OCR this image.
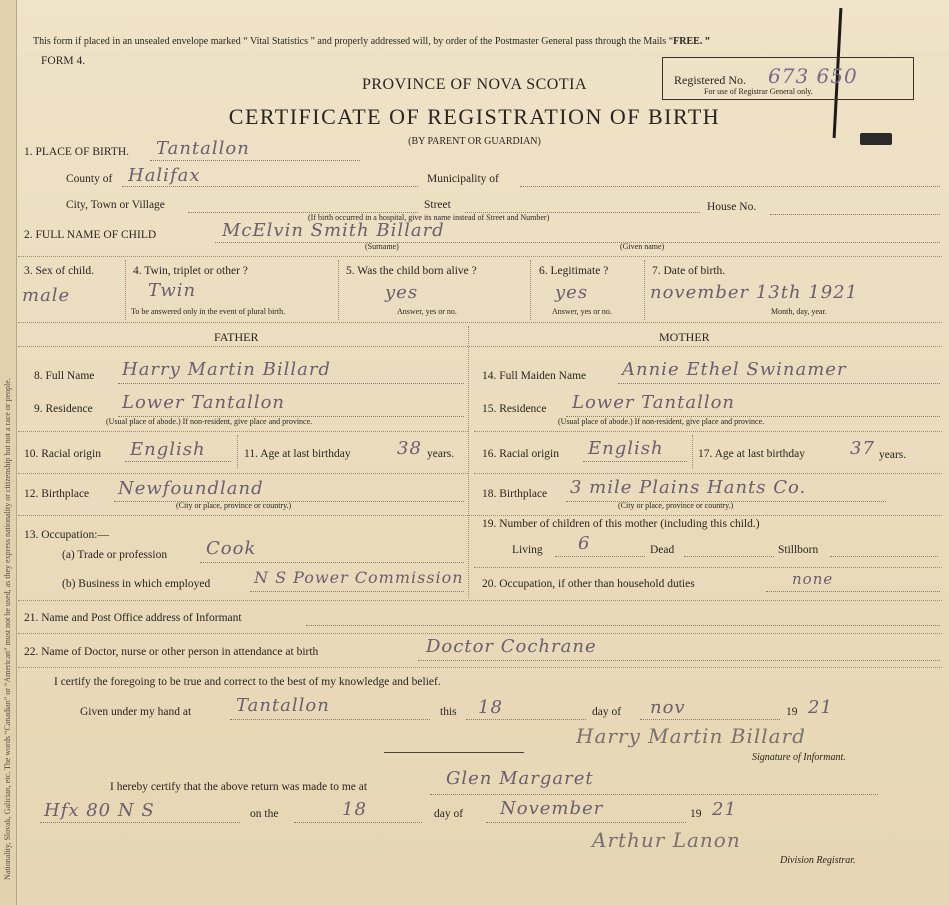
Nationality, Slovak, Galician, etc. The words “Canadian” or “American” must not be used, as they express nationality or citizenship but not a race or people.
This form if placed in an unsealed envelope marked “ Vital Statistics ” and properly addressed will, by order of the Postmaster General pass through the Mails “FREE. ”
FORM 4.
Registered No. 673 650
For use of Registrar General only.
PROVINCE OF NOVA SCOTIA
CERTIFICATE OF REGISTRATION OF BIRTH
(BY PARENT OR GUARDIAN)
1. PLACE OF BIRTH. Tantallon
County of Halifax	Municipality of
City, Town or Village	Street	House No.
(If birth occurred in a hospital, give its name instead of Street and Number)
2. FULL NAME OF CHILD	McElvin Smith Billard
(Surname)	(Given name)
3. Sex of child.
male
4. Twin, triplet or other ?
Twin
To be answered only in the event of plural birth.
5. Was the child born alive ?
yes
Answer, yes or no.
6. Legitimate ?
yes
Answer, yes or no.
7. Date of birth.
november 13th 1921
Month, day, year.
FATHER	MOTHER
8. Full Name Harry Martin Billard
9. Residence Lower Tantallon
(Usual place of abode.) If non-resident, give place and province.
10. Racial origin English	11. Age at last birthday	38 years.
12. Birthplace Newfoundland
(City or place, province or country.)
13. Occupation:—
(a) Trade or profession Cook
(b) Business in which employed	N S Power Commission
14. Full Maiden Name Annie Ethel Swinamer
15. Residence Lower Tantallon
(Usual place of abode.) If non-resident, give place and province.
16. Racial origin English	17. Age at last birthday	37 years.
18. Birthplace 3 mile Plains Hants Co.
(City or place, province or country.)
19. Number of children of this mother (including this child.)
Living 6	Dead	Stillborn
20. Occupation, if other than household duties	none
21. Name and Post Office address of Informant
22. Name of Doctor, nurse or other person in attendance at birth	Doctor Cochrane
I certify the foregoing to be true and correct to the best of my knowledge and belief.
Given under my hand at Tantallon	this 18	day of nov	19 21
Harry Martin Billard
Signature of Informant.
I hereby certify that the above return was made to me at	Glen Margaret
Hfx 80 N S	on the	18	day of November	19 21
Arthur Lanon
Division Registrar.
